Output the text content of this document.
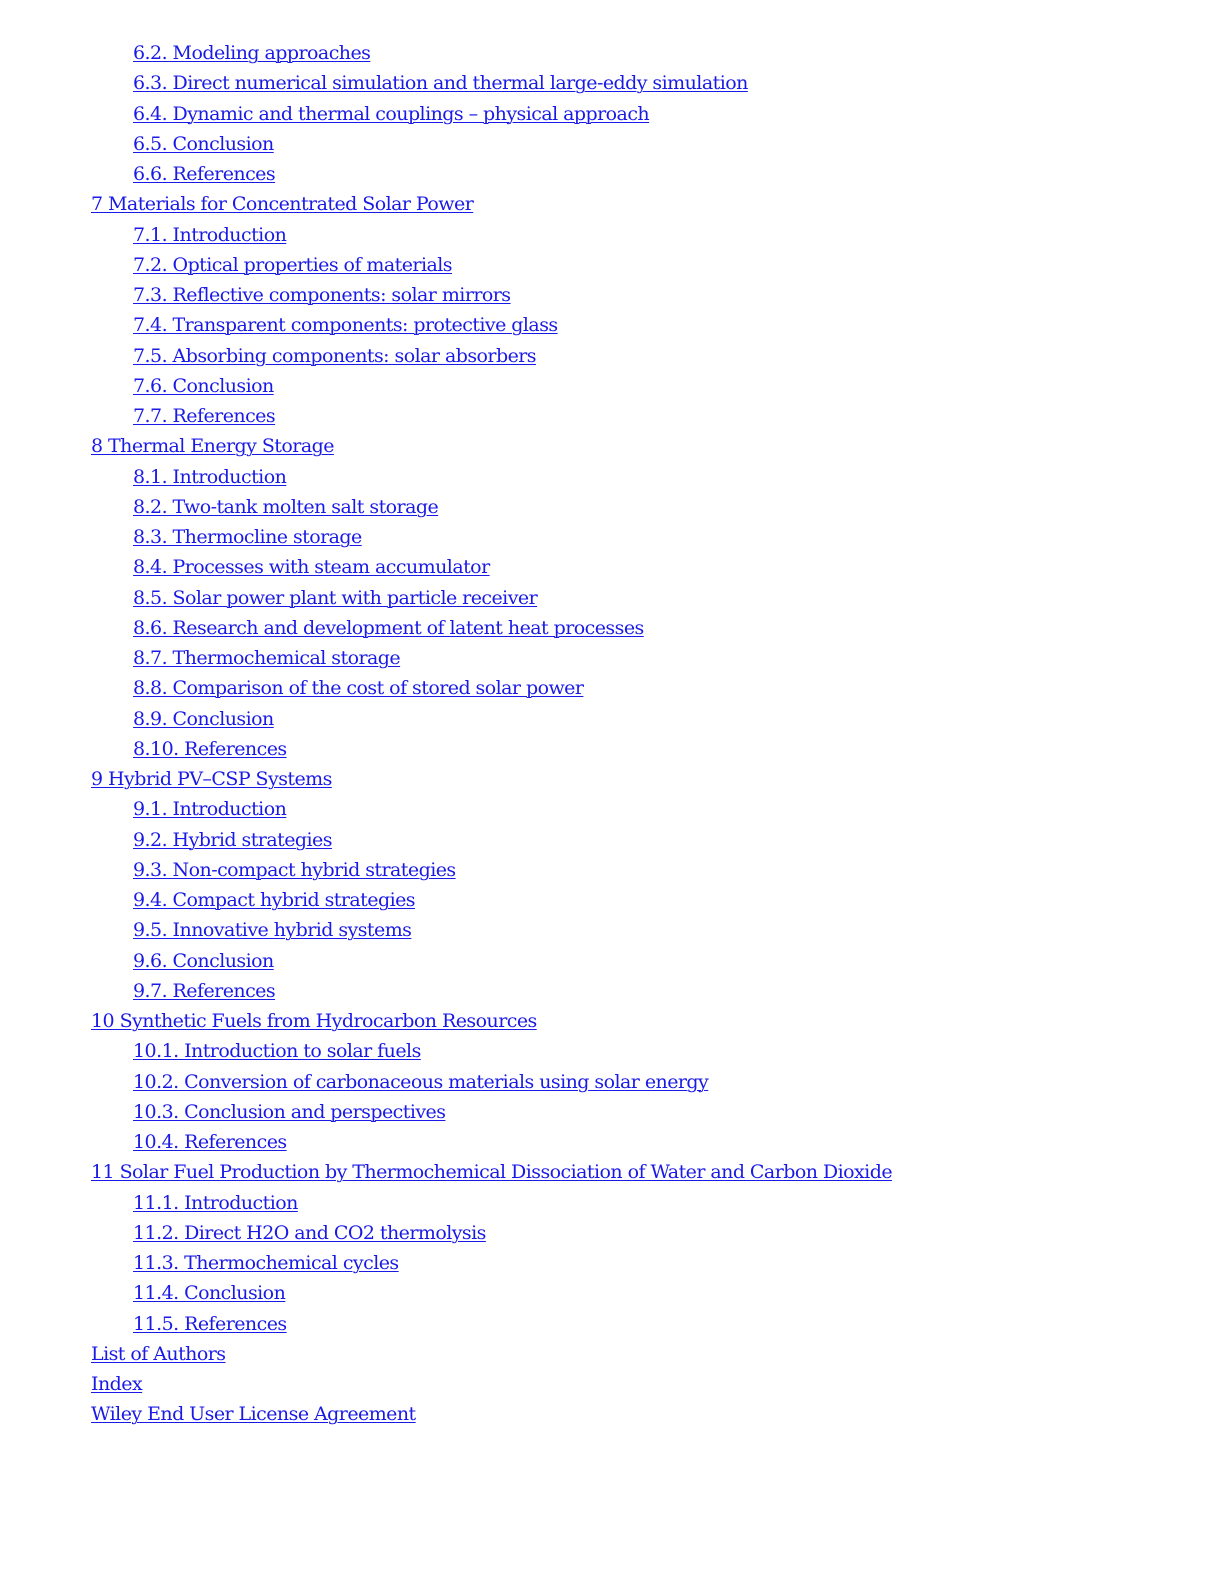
6.2. Modeling approaches
6.3. Direct numerical simulation and thermal large-eddy simulation
6.4. Dynamic and thermal couplings – physical approach
6.5. Conclusion
6.6. References
7 Materials for Concentrated Solar Power
7.1. Introduction
7.2. Optical properties of materials
7.3. Reflective components: solar mirrors
7.4. Transparent components: protective glass
7.5. Absorbing components: solar absorbers
7.6. Conclusion
7.7. References
8 Thermal Energy Storage
8.1. Introduction
8.2. Two-tank molten salt storage
8.3. Thermocline storage
8.4. Processes with steam accumulator
8.5. Solar power plant with particle receiver
8.6. Research and development of latent heat processes
8.7. Thermochemical storage
8.8. Comparison of the cost of stored solar power
8.9. Conclusion
8.10. References
9 Hybrid PV–CSP Systems
9.1. Introduction
9.2. Hybrid strategies
9.3. Non-compact hybrid strategies
9.4. Compact hybrid strategies
9.5. Innovative hybrid systems
9.6. Conclusion
9.7. References
10 Synthetic Fuels from Hydrocarbon Resources
10.1. Introduction to solar fuels
10.2. Conversion of carbonaceous materials using solar energy
10.3. Conclusion and perspectives
10.4. References
11 Solar Fuel Production by Thermochemical Dissociation of Water and Carbon Dioxide
11.1. Introduction
11.2. Direct H2O and CO2 thermolysis
11.3. Thermochemical cycles
11.4. Conclusion
11.5. References
List of Authors
Index
Wiley End User License Agreement
